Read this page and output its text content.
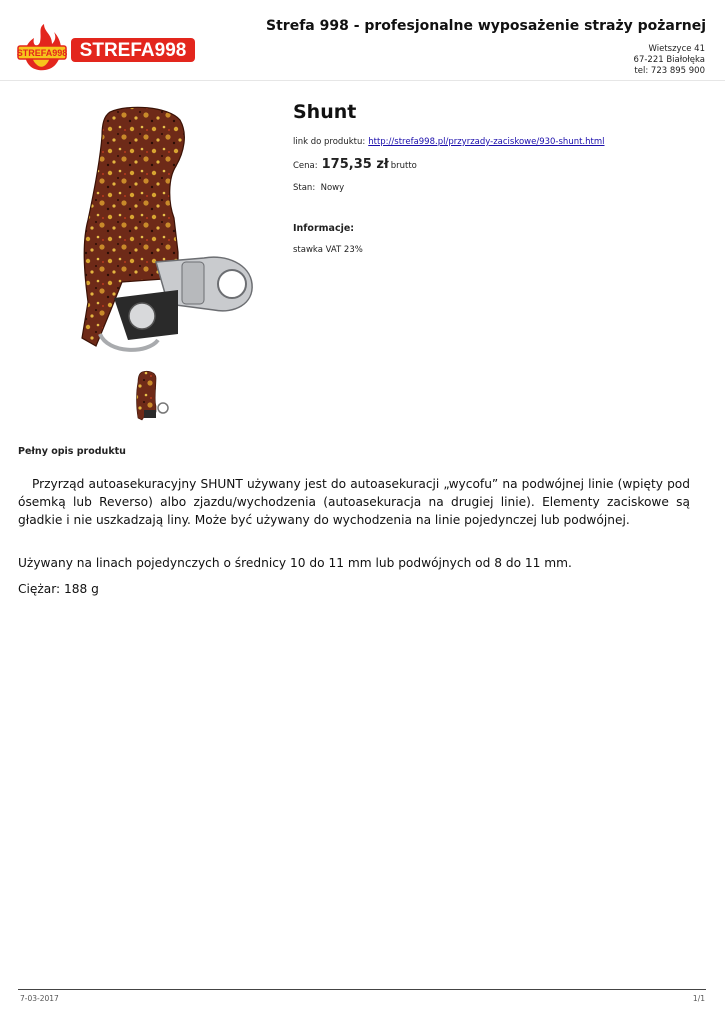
STREFA998 STREFA998
Strefa 998 - profesjonalne wyposażenie straży pożarnej
Wietszyce 41
67-221 Białołęka
tel: 723 895 900
Shunt
link do produktu: http://strefa998.pl/przyrzady-zaciskowe/930-shunt.html
Cena: 175,35 zł brutto
Stan: Nowy
Informacje:
stawka VAT 23%
Pełny opis produktu
Przyrząd autoasekuracyjny SHUNT używany jest do autoasekuracji „wycofu” na podwójnej linie (wpięty pod ósemką lub Reverso) albo zjazdu/wychodzenia (autoasekuracja na drugiej linie). Elementy zaciskowe są gładkie i nie uszkadzają liny. Może być używany do wychodzenia na linie pojedynczej lub podwójnej.
Używany na linach pojedynczych o średnicy 10 do 11 mm lub podwójnych od 8 do 11 mm.
Ciężar: 188 g
7-03-2017	1/1
